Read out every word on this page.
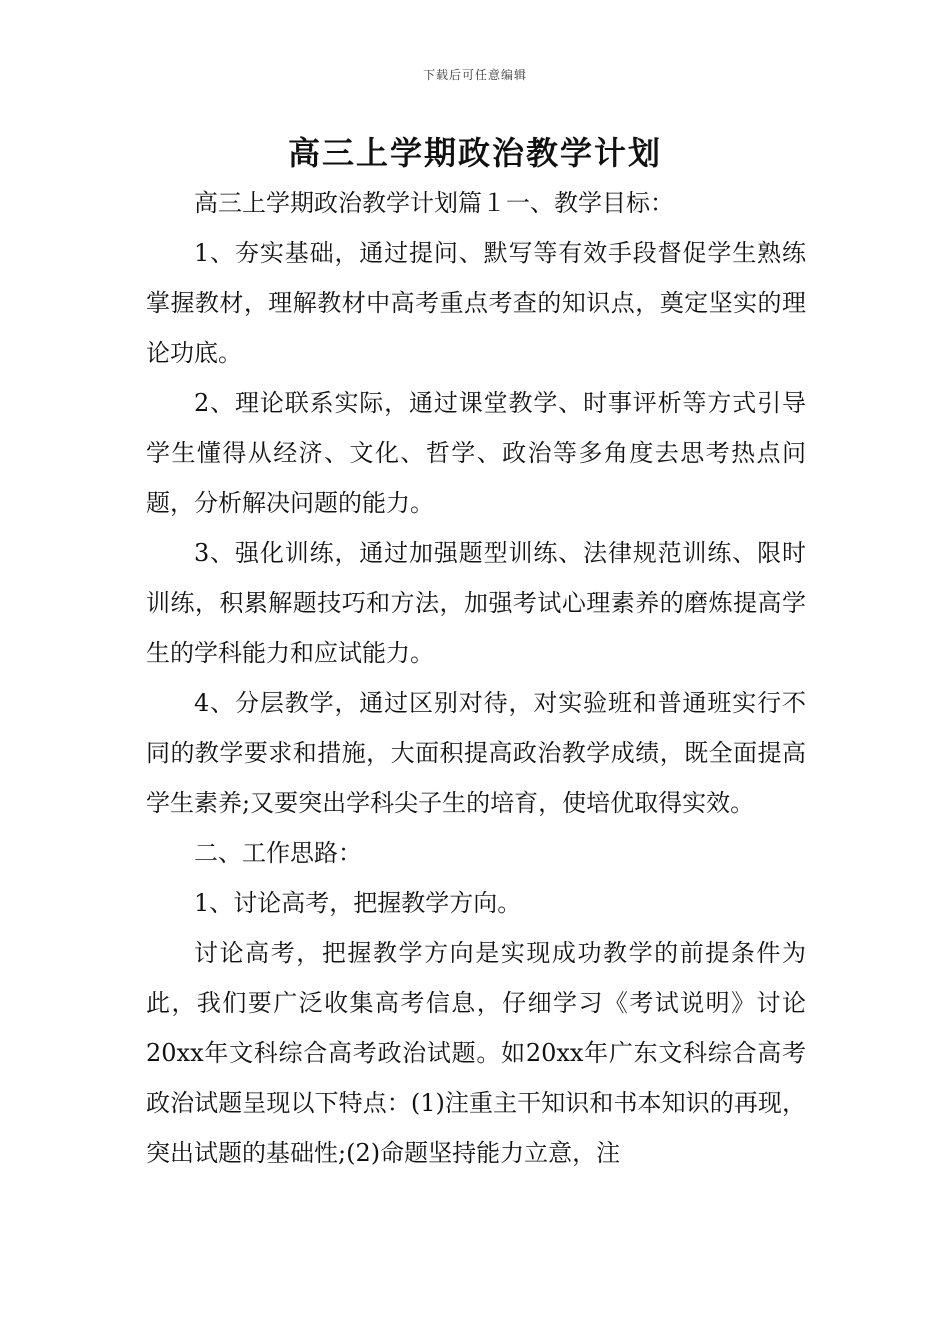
下载后可任意编辑
高三上学期政治教学计划

高三上学期政治教学计划篇１一、教学目标：

1、夯实基础，通过提问、默写等有效手段督促学生熟练掌握教材，理解教材中高考重点考查的知识点，奠定坚实的理论功底。

2、理论联系实际，通过课堂教学、时事评析等方式引导学生懂得从经济、文化、哲学、政治等多角度去思考热点问题，分析解决问题的能力。

3、强化训练，通过加强题型训练、法律规范训练、限时训练，积累解题技巧和方法，加强考试心理素养的磨炼提高学生的学科能力和应试能力。

4、分层教学，通过区别对待，对实验班和普通班实行不同的教学要求和措施，大面积提高政治教学成绩，既全面提高学生素养;又要突出学科尖子生的培育，使培优取得实效。

二、工作思路：

1、讨论高考，把握教学方向。

讨论高考，把握教学方向是实现成功教学的前提条件为此，我们要广泛收集高考信息，仔细学习《考试说明》讨论20xx年文科综合高考政治试题。如20xx年广东文科综合高考政治试题呈现以下特点：(1)注重主干知识和书本知识的再现，突出试题的基础性;(2)命题坚持能力立意，注
